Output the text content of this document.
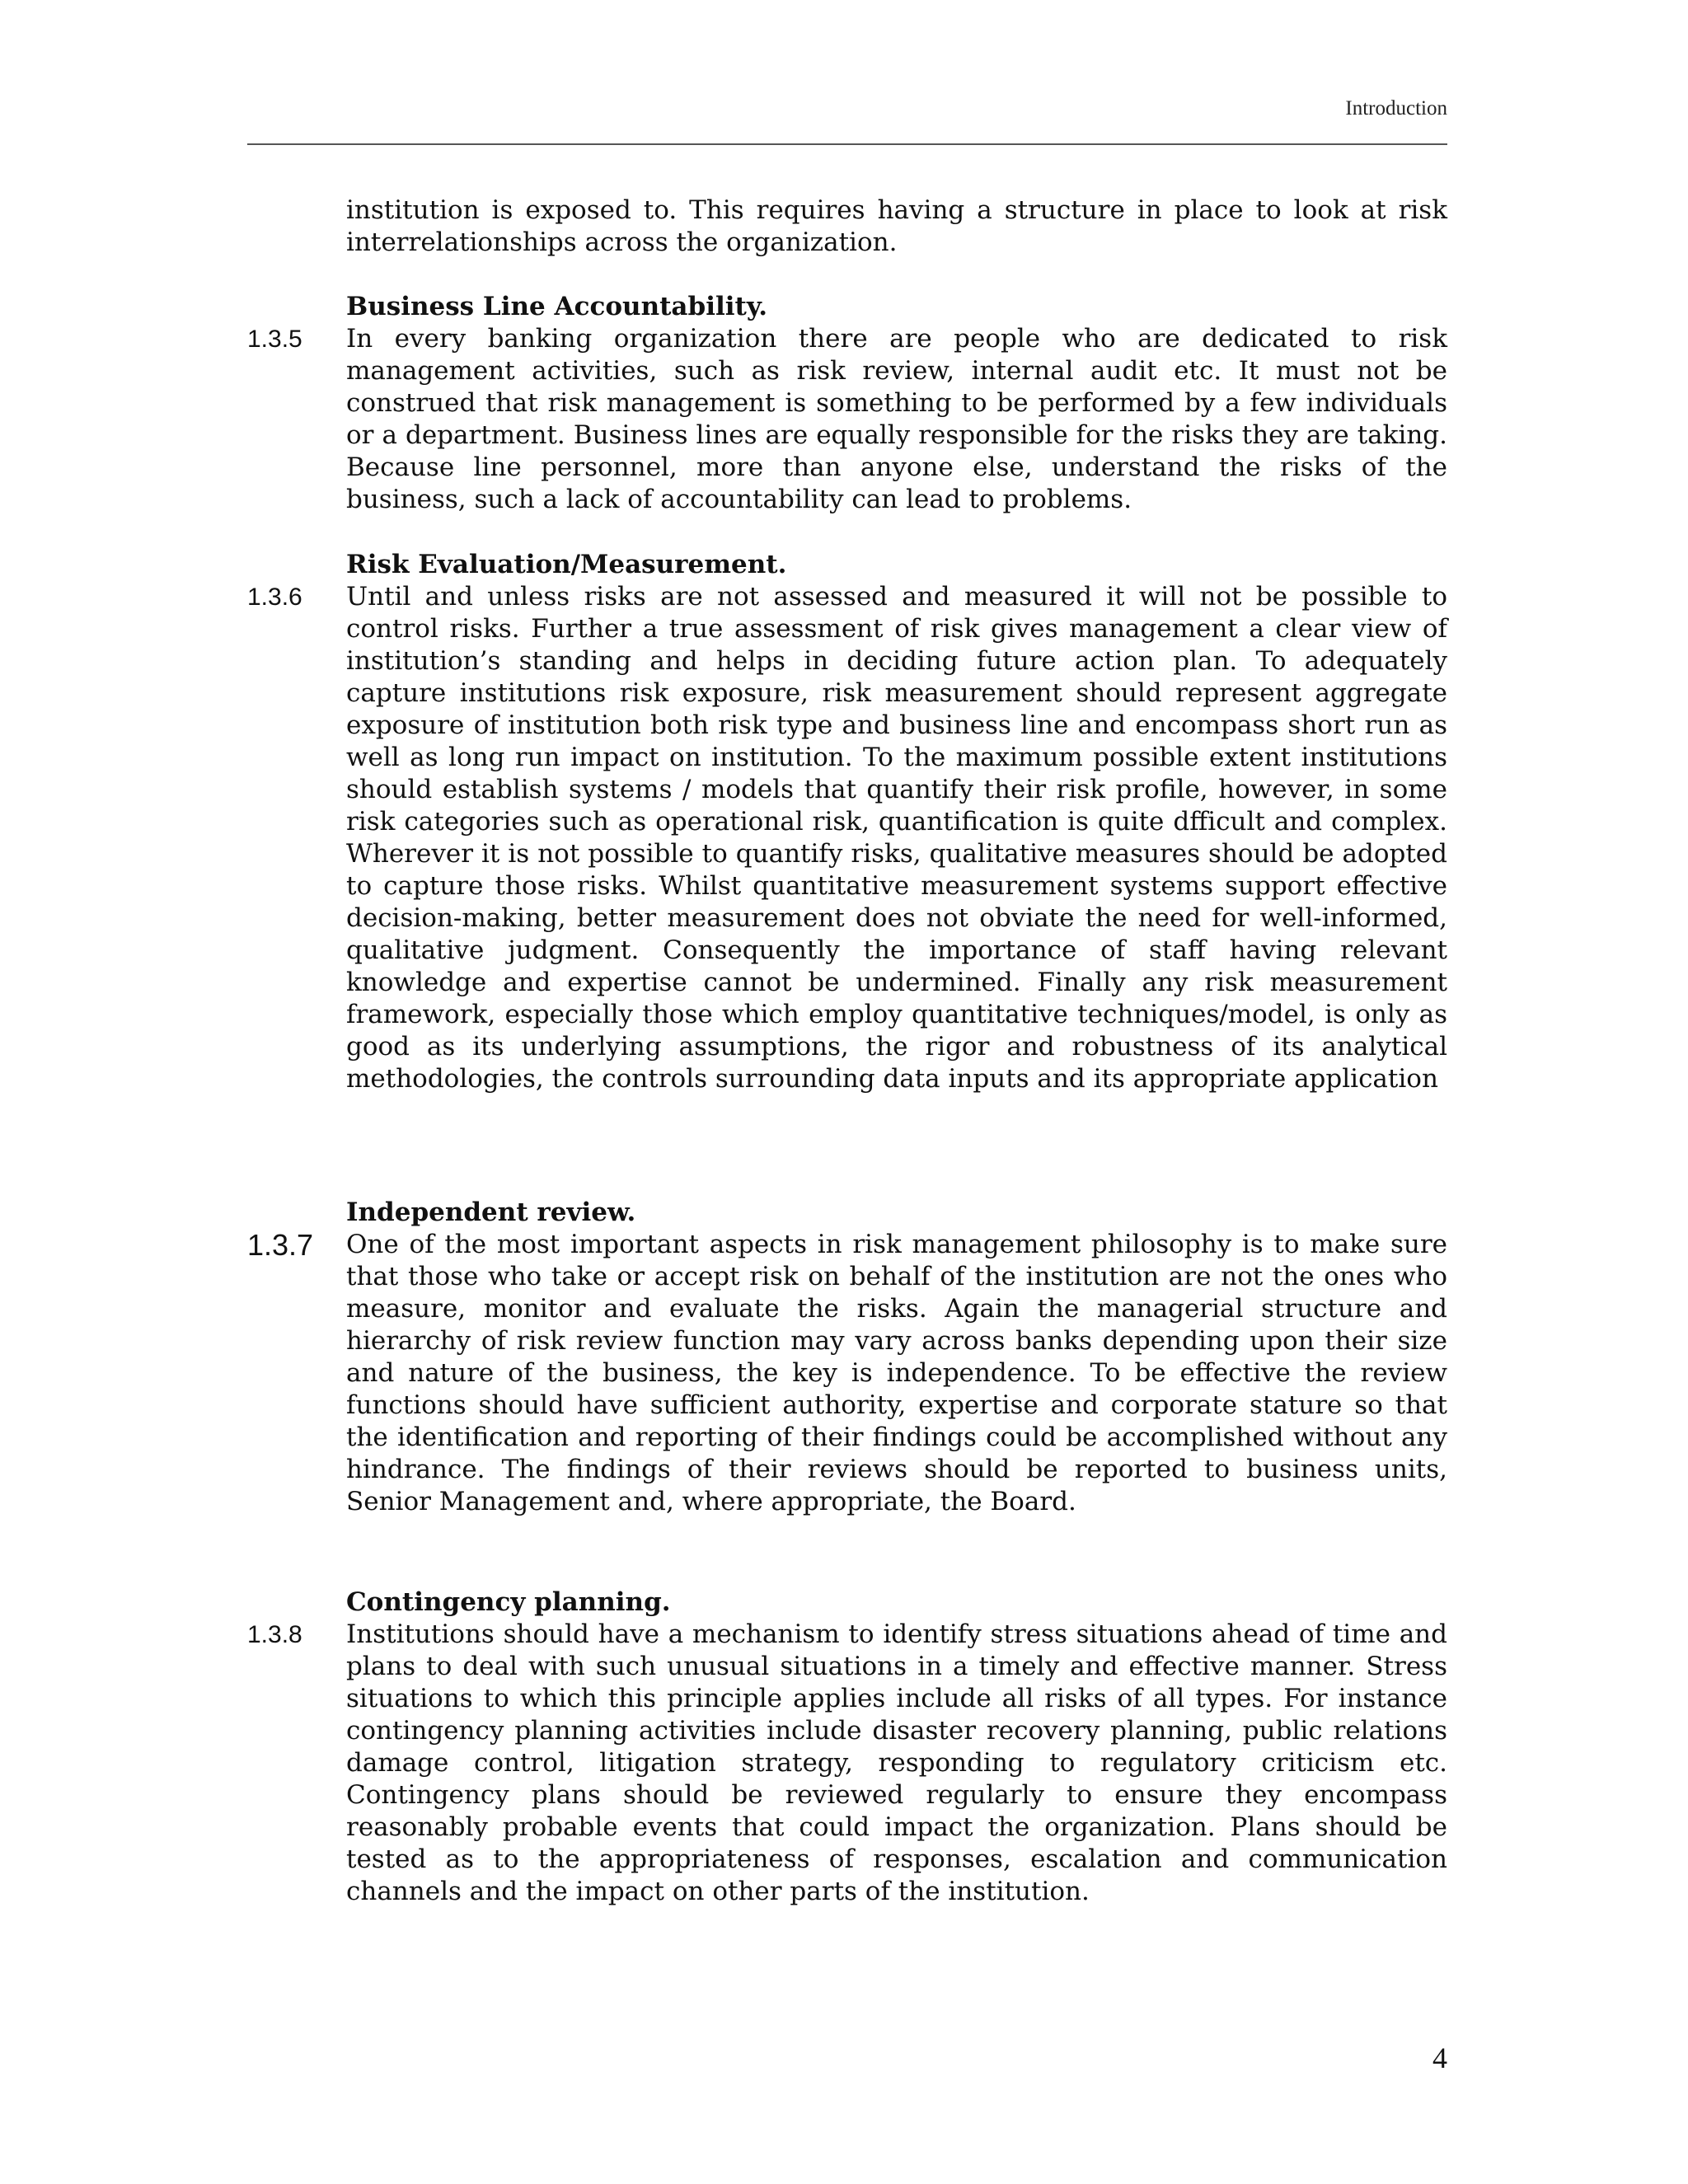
Introduction
institution is exposed to. This requires having a structure in place to look at risk interrelationships across the organization.
Business Line Accountability.
1.3.5	In every banking organization there are people who are dedicated to risk management activities, such as risk review, internal audit etc. It must not be construed that risk management is something to be performed by a few individuals or a department. Business lines are equally responsible for the risks they are taking. Because line personnel, more than anyone else, understand the risks of the business, such a lack of accountability can lead to problems.
Risk Evaluation/Measurement.
1.3.6	Until and unless risks are not assessed and measured it will not be possible to control risks. Further a true assessment of risk gives management a clear view of institution’s standing and helps in deciding future action plan. To adequately capture institutions risk exposure, risk measurement should represent aggregate exposure of institution both risk type and business line and encompass short run as well as long run impact on institution. To the maximum possible extent institutions should establish systems / models that quantify their risk profile, however, in some risk categories such as operational risk, quantification is quite dfficult and complex. Wherever it is not possible to quantify risks, qualitative measures should be adopted to capture those risks. Whilst quantitative measurement systems support effective decision-making, better measurement does not obviate the need for well-informed, qualitative judgment. Consequently the importance of staff having relevant knowledge and expertise cannot be undermined. Finally any risk measurement framework, especially those which employ quantitative techniques/model, is only as good as its underlying assumptions, the rigor and robustness of its analytical methodologies, the controls surrounding data inputs and its appropriate application
Independent review.
1.3.7	One of the most important aspects in risk management philosophy is to make sure that those who take or accept risk on behalf of the institution are not the ones who measure, monitor and evaluate the risks. Again the managerial structure and hierarchy of risk review function may vary across banks depending upon their size and nature of the business, the key is independence. To be effective the review functions should have sufficient authority, expertise and corporate stature so that the identification and reporting of their findings could be accomplished without any hindrance. The findings of their reviews should be reported to business units, Senior Management and, where appropriate, the Board.
Contingency planning.
1.3.8	Institutions should have a mechanism to identify stress situations ahead of time and plans to deal with such unusual situations in a timely and effective manner. Stress situations to which this principle applies include all risks of all types. For instance contingency planning activities include disaster recovery planning, public relations damage control, litigation strategy, responding to regulatory criticism etc. Contingency plans should be reviewed regularly to ensure they encompass reasonably probable events that could impact the organization. Plans should be tested as to the appropriateness of responses, escalation and communication channels and the impact on other parts of the institution.
4
